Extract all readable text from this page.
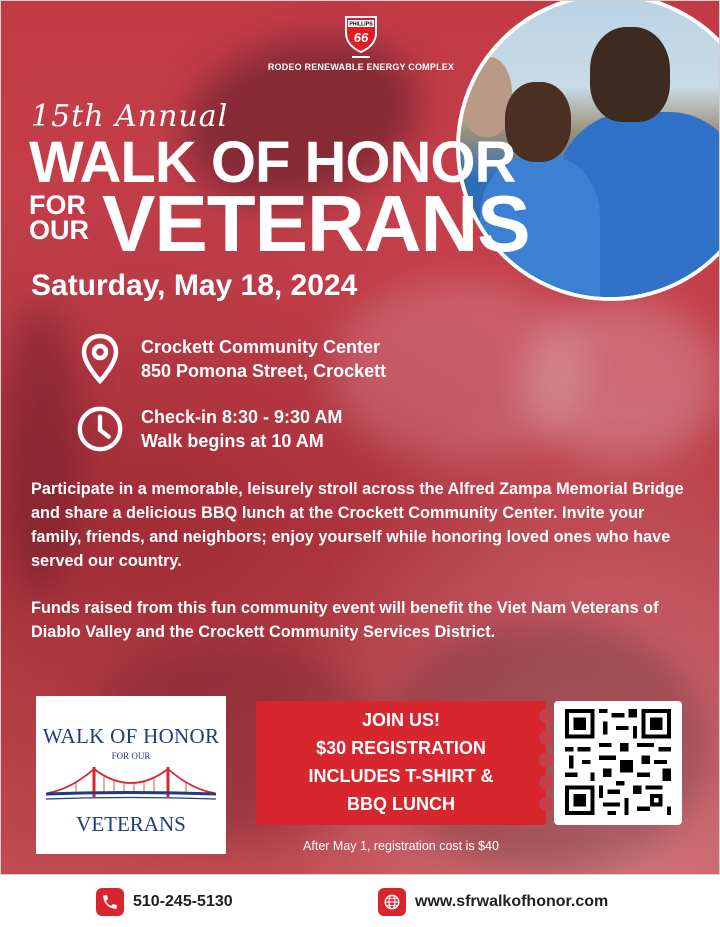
PHILLIPS
66
RODEO RENEWABLE ENERGY COMPLEX
15th Annual
WALK OF HONOR
FOR
OUR VETERANS
Saturday, May 18, 2024
Crockett Community Center
850 Pomona Street, Crockett
Check-in 8:30 - 9:30 AM
Walk begins at 10 AM
Participate in a memorable, leisurely stroll across the Alfred Zampa Memorial Bridge and share a delicious BBQ lunch at the Crockett Community Center. Invite your family, friends, and neighbors; enjoy yourself while honoring loved ones who have served our country.
Funds raised from this fun community event will benefit the Viet Nam Veterans of Diablo Valley and the Crockett Community Services District.
WALK OF HONOR
FOR OUR
VETERANS
JOIN US!
$30 REGISTRATION
INCLUDES T-SHIRT &
BBQ LUNCH
After May 1, registration cost is $40
510-245-5130	www.sfrwalkofhonor.com
